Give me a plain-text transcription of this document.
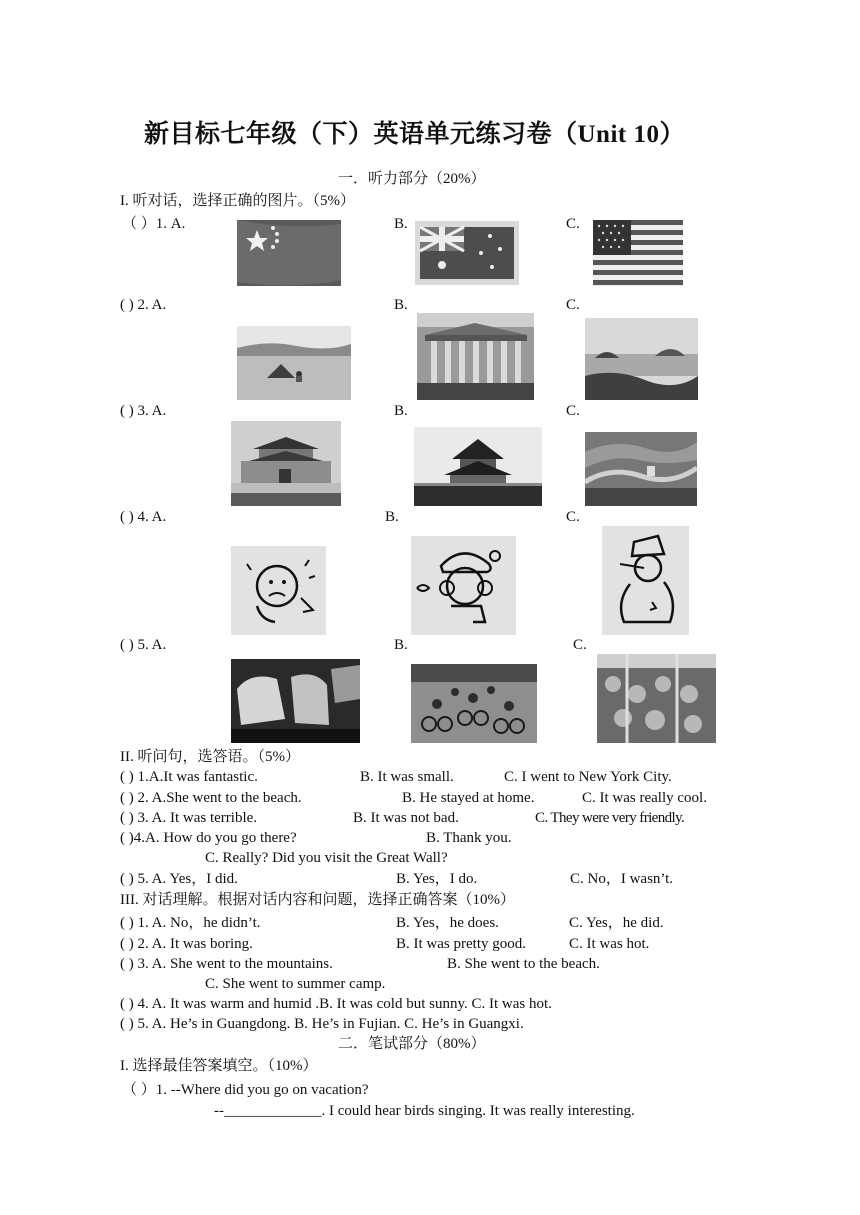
新目标七年级（下）英语单元练习卷（Unit 10）
一．听力部分（20%）
I. 听对话，选择正确的图片。（5%）
（ ）1. A.	B.	C.
( ) 2. A.	B.	C.
( ) 3. A.	B.	C.
( ) 4. A.	B.	C.
( ) 5. A.	B.	C.
II. 听问句，选答语。（5%）
( ) 1.A.It was fantastic.	B. It was small.	C. I went to New York City.
( ) 2. A.She went to the beach.	B. He stayed at home.	C. It was really cool.
( ) 3. A. It was terrible.	B. It was not bad.	C. They were very friendly.
( )4.A. How do you go there?	B. Thank you.
C. Really? Did you visit the Great Wall?
( ) 5. A. Yes，I did.	B. Yes，I do.	C. No，I wasn’t.
III. 对话理解。根据对话内容和问题，选择正确答案（10%）
( ) 1. A. No，he didn’t.	B. Yes，he does.	C. Yes，he did.
( ) 2. A. It was boring.	B. It was pretty good.	C. It was hot.
( ) 3. A. She went to the mountains.	B. She went to the beach.
C. She went to summer camp.
( ) 4. A. It was warm and humid .B. It was cold but sunny. C. It was hot.
( ) 5. A. He’s in Guangdong. B. He’s in Fujian. C. He’s in Guangxi.
二．笔试部分（80%）
I. 选择最佳答案填空。（10%）
（ ）1. --Where did you go on vacation?
--_____________. I could hear birds singing. It was really interesting.
